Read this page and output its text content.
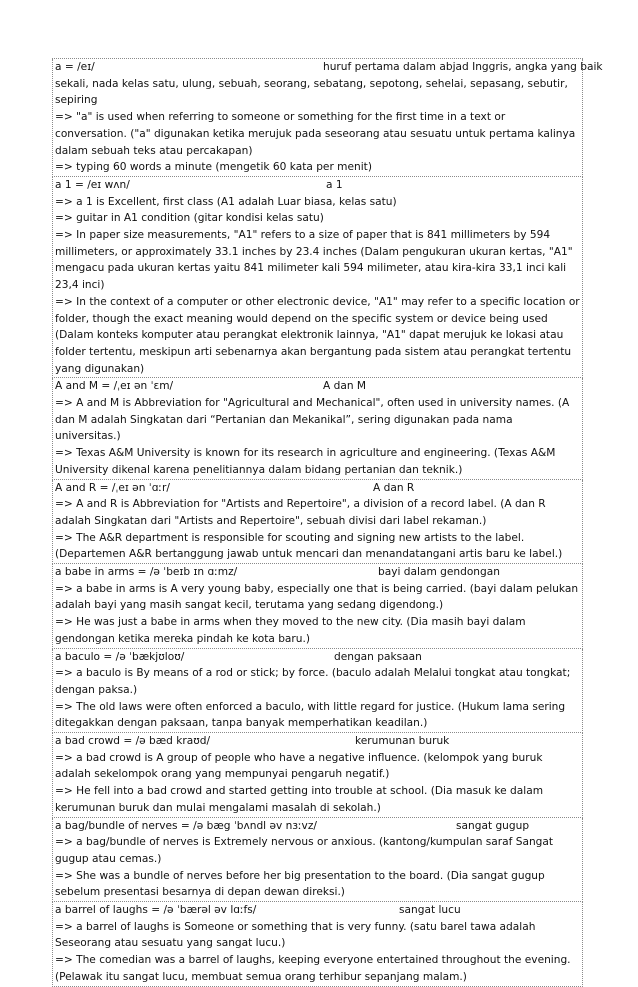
a = /eɪ/	huruf pertama dalam abjad Inggris, angka yang baik
sekali, nada kelas satu, ulung, sebuah, seorang, sebatang, sepotong, sehelai, sepasang, sebutir, sepiring
=> "a" is used when referring to someone or something for the first time in a text or conversation. ("a" digunakan ketika merujuk pada seseorang atau sesuatu untuk pertama kalinya dalam sebuah teks atau percakapan)
=> typing 60 words a minute (mengetik 60 kata per menit)
a 1 = /eɪ wʌn/	a 1
=> a 1 is Excellent, first class (A1 adalah Luar biasa, kelas satu)
=> guitar in A1 condition (gitar kondisi kelas satu)
=> In paper size measurements, "A1" refers to a size of paper that is 841 millimeters by 594 millimeters, or approximately 33.1 inches by 23.4 inches (Dalam pengukuran ukuran kertas, "A1" mengacu pada ukuran kertas yaitu 841 milimeter kali 594 milimeter, atau kira-kira 33,1 inci kali 23,4 inci)
=> In the context of a computer or other electronic device, "A1" may refer to a specific location or folder, though the exact meaning would depend on the specific system or device being used (Dalam konteks komputer atau perangkat elektronik lainnya, "A1" dapat merujuk ke lokasi atau folder tertentu, meskipun arti sebenarnya akan bergantung pada sistem atau perangkat tertentu yang digunakan)
A and M = /ˌeɪ ən ˈɛm/	A dan M
=> A and M is Abbreviation for "Agricultural and Mechanical", often used in university names. (A dan M adalah Singkatan dari “Pertanian dan Mekanikal”, sering digunakan pada nama universitas.)
=> Texas A&M University is known for its research in agriculture and engineering. (Texas A&M University dikenal karena penelitiannya dalam bidang pertanian dan teknik.)
A and R = /ˌeɪ ən ˈɑːr/	A dan R
=> A and R is Abbreviation for "Artists and Repertoire", a division of a record label. (A dan R adalah Singkatan dari "Artists and Repertoire", sebuah divisi dari label rekaman.)
=> The A&R department is responsible for scouting and signing new artists to the label. (Departemen A&R bertanggung jawab untuk mencari dan menandatangani artis baru ke label.)
a babe in arms = /ə ˈbeɪb ɪn ɑːmz/	bayi dalam gendongan
=> a babe in arms is A very young baby, especially one that is being carried. (bayi dalam pelukan adalah bayi yang masih sangat kecil, terutama yang sedang digendong.)
=> He was just a babe in arms when they moved to the new city. (Dia masih bayi dalam gendongan ketika mereka pindah ke kota baru.)
a baculo = /ə ˈbækjʊloʊ/	dengan paksaan
=> a baculo is By means of a rod or stick; by force. (baculo adalah Melalui tongkat atau tongkat; dengan paksa.)
=> The old laws were often enforced a baculo, with little regard for justice. (Hukum lama sering ditegakkan dengan paksaan, tanpa banyak memperhatikan keadilan.)
a bad crowd = /ə bæd kraʊd/	kerumunan buruk
=> a bad crowd is A group of people who have a negative influence. (kelompok yang buruk adalah sekelompok orang yang mempunyai pengaruh negatif.)
=> He fell into a bad crowd and started getting into trouble at school. (Dia masuk ke dalam kerumunan buruk dan mulai mengalami masalah di sekolah.)
a bag/bundle of nerves = /ə bæg ˈbʌndl əv nɜːvz/	sangat gugup
=> a bag/bundle of nerves is Extremely nervous or anxious. (kantong/kumpulan saraf Sangat gugup atau cemas.)
=> She was a bundle of nerves before her big presentation to the board. (Dia sangat gugup sebelum presentasi besarnya di depan dewan direksi.)
a barrel of laughs = /ə ˈbærəl əv lɑːfs/	sangat lucu
=> a barrel of laughs is Someone or something that is very funny. (satu barel tawa adalah Seseorang atau sesuatu yang sangat lucu.)
=> The comedian was a barrel of laughs, keeping everyone entertained throughout the evening. (Pelawak itu sangat lucu, membuat semua orang terhibur sepanjang malam.)
